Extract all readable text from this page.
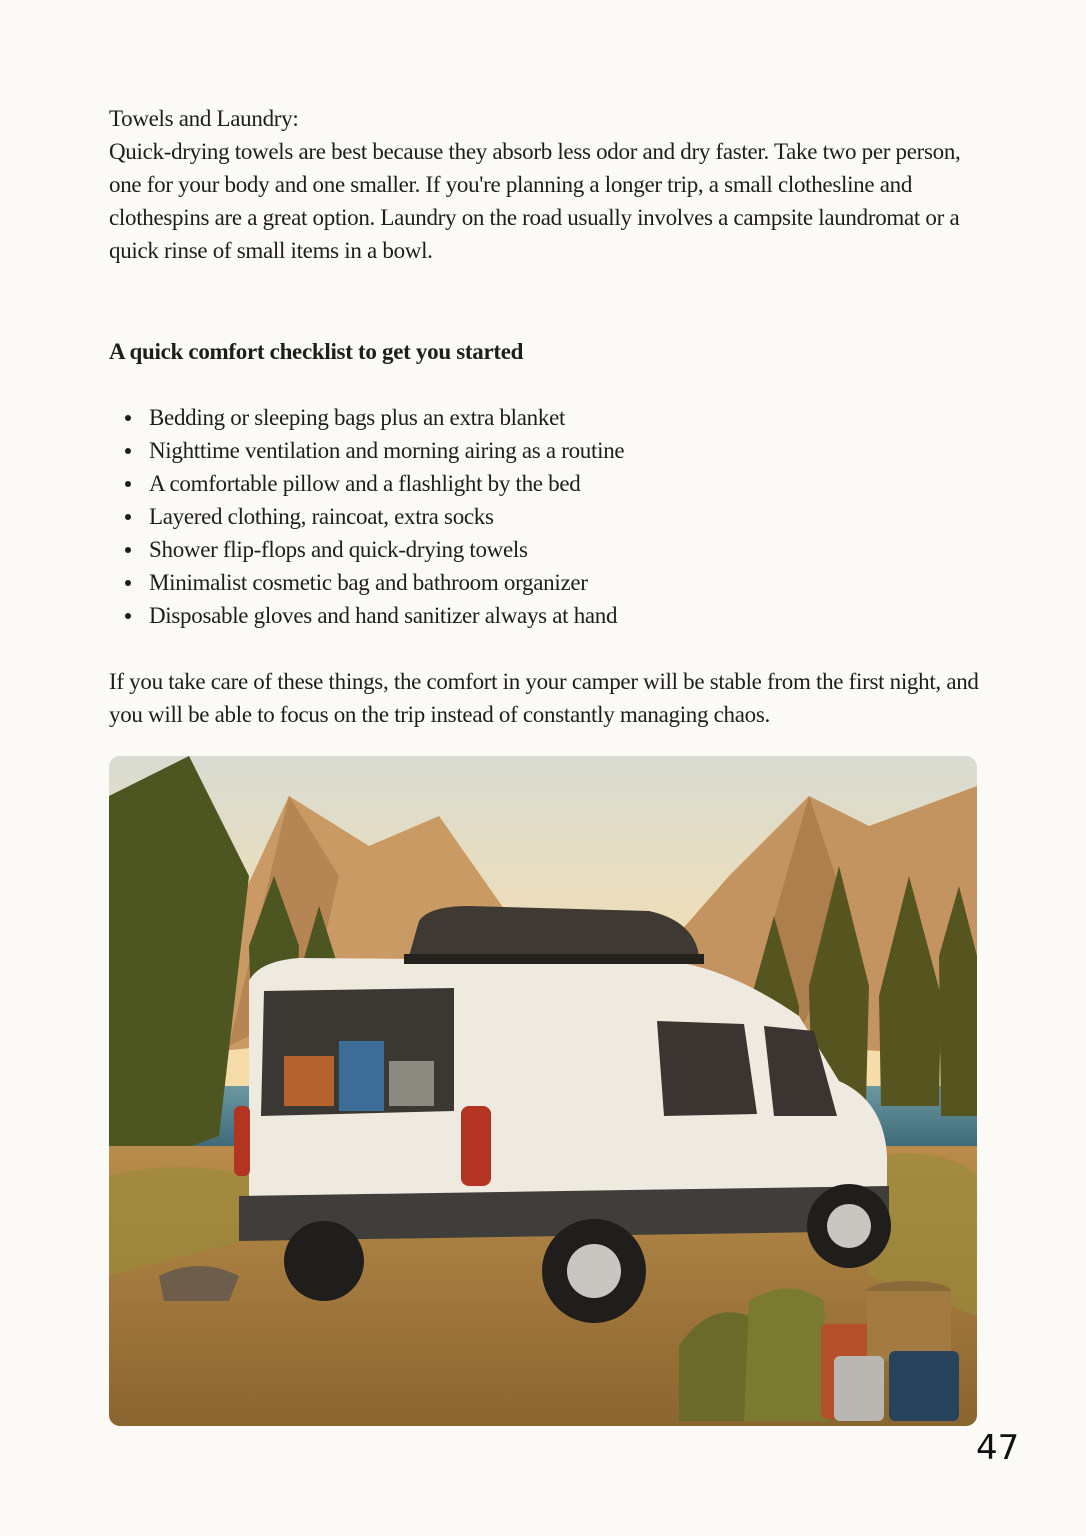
Towels and Laundry:

Quick-drying towels are best because they absorb less odor and dry faster. Take two per person, one for your body and one smaller. If you're planning a longer trip, a small clothesline and clothespins are a great option. Laundry on the road usually involves a campsite laundromat or a quick rinse of small items in a bowl.

A quick comfort checklist to get you started

Bedding or sleeping bags plus an extra blanket
Nighttime ventilation and morning airing as a routine
A comfortable pillow and a flashlight by the bed
Layered clothing, raincoat, extra socks
Shower flip-flops and quick-drying towels
Minimalist cosmetic bag and bathroom organizer
Disposable gloves and hand sanitizer always at hand

If you take care of these things, the comfort in your camper will be stable from the first night, and you will be able to focus on the trip instead of constantly managing chaos.

47
